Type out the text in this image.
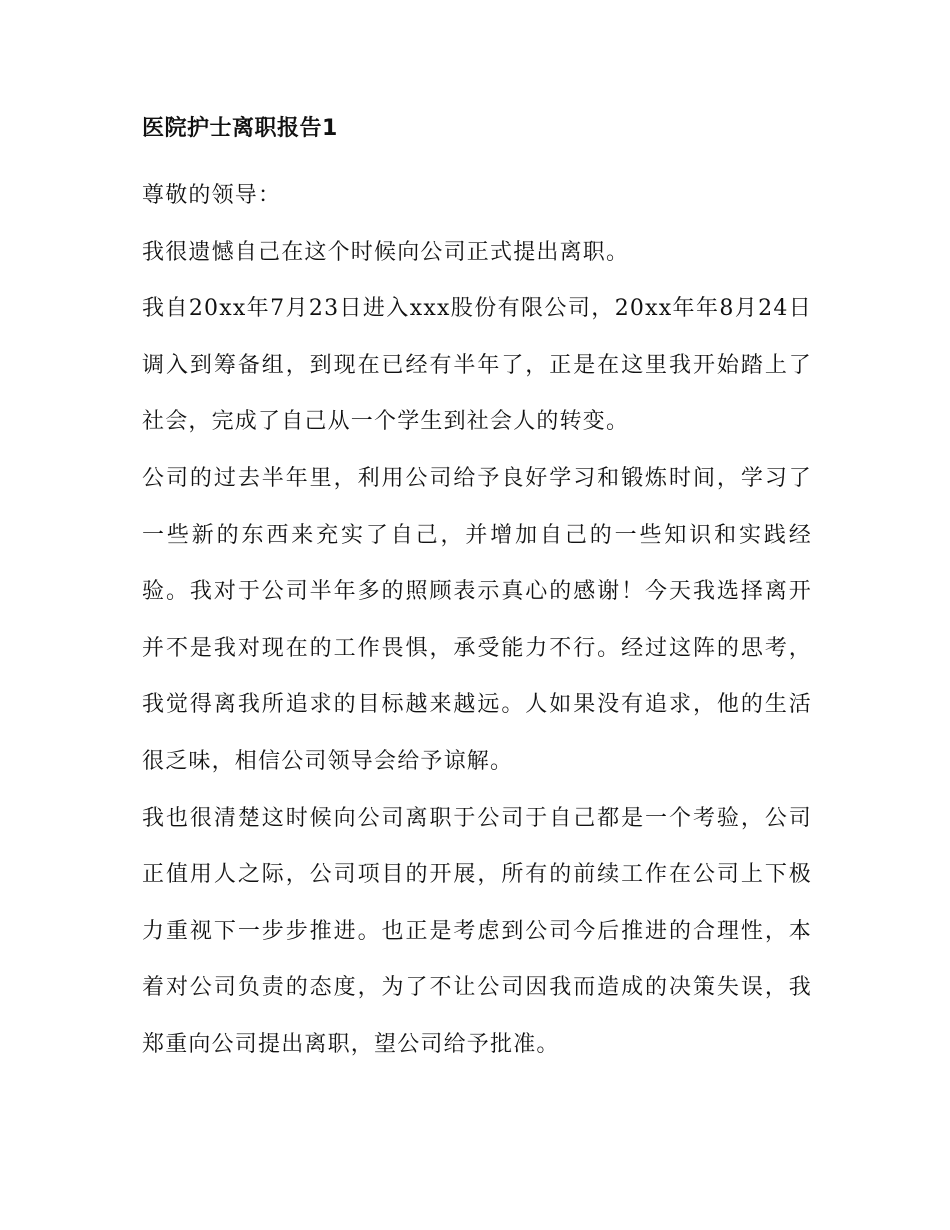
医院护士离职报告1

尊敬的领导：

我很遗憾自己在这个时候向公司正式提出离职。

我自20xx年7月23日进入xxx股份有限公司，20xx年年8月24日调入到筹备组，到现在已经有半年了，正是在这里我开始踏上了社会，完成了自己从一个学生到社会人的转变。

公司的过去半年里，利用公司给予良好学习和锻炼时间，学习了一些新的东西来充实了自己，并增加自己的一些知识和实践经验。我对于公司半年多的照顾表示真心的感谢！今天我选择离开并不是我对现在的工作畏惧，承受能力不行。经过这阵的思考，我觉得离我所追求的目标越来越远。人如果没有追求，他的生活很乏味，相信公司领导会给予谅解。

我也很清楚这时候向公司离职于公司于自己都是一个考验，公司正值用人之际，公司项目的开展，所有的前续工作在公司上下极力重视下一步步推进。也正是考虑到公司今后推进的合理性，本着对公司负责的态度，为了不让公司因我而造成的决策失误，我郑重向公司提出离职，望公司给予批准。
